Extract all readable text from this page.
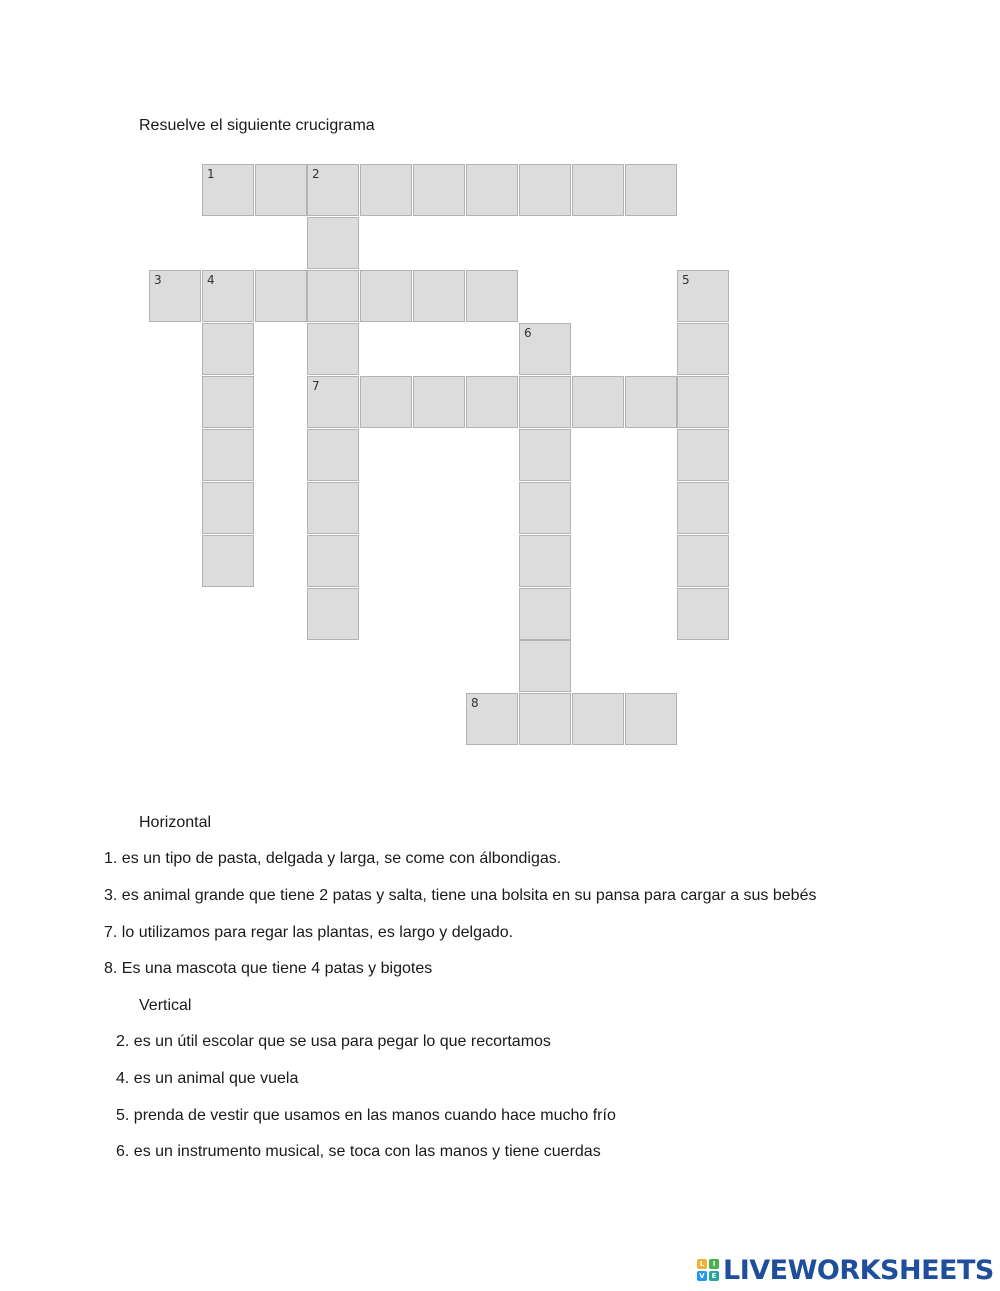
Resuelve el siguiente crucigrama
1	2
7
3	4	5
6
8
Horizontal
1. es un tipo de pasta, delgada y larga, se come con álbondigas.
3. es animal grande que tiene 2 patas y salta, tiene una bolsita en su pansa para cargar a sus bebés
7. lo utilizamos para regar las plantas, es largo y delgado.
8. Es una mascota que tiene 4 patas y bigotes
Vertical
2. es un útil escolar que se usa para pegar lo que recortamos
4. es un animal que vuela
5. prenda de vestir que usamos en las manos cuando hace mucho frío
6. es un instrumento musical, se toca con las manos y tiene cuerdas
L	I
V E LIVEWORKSHEETS
